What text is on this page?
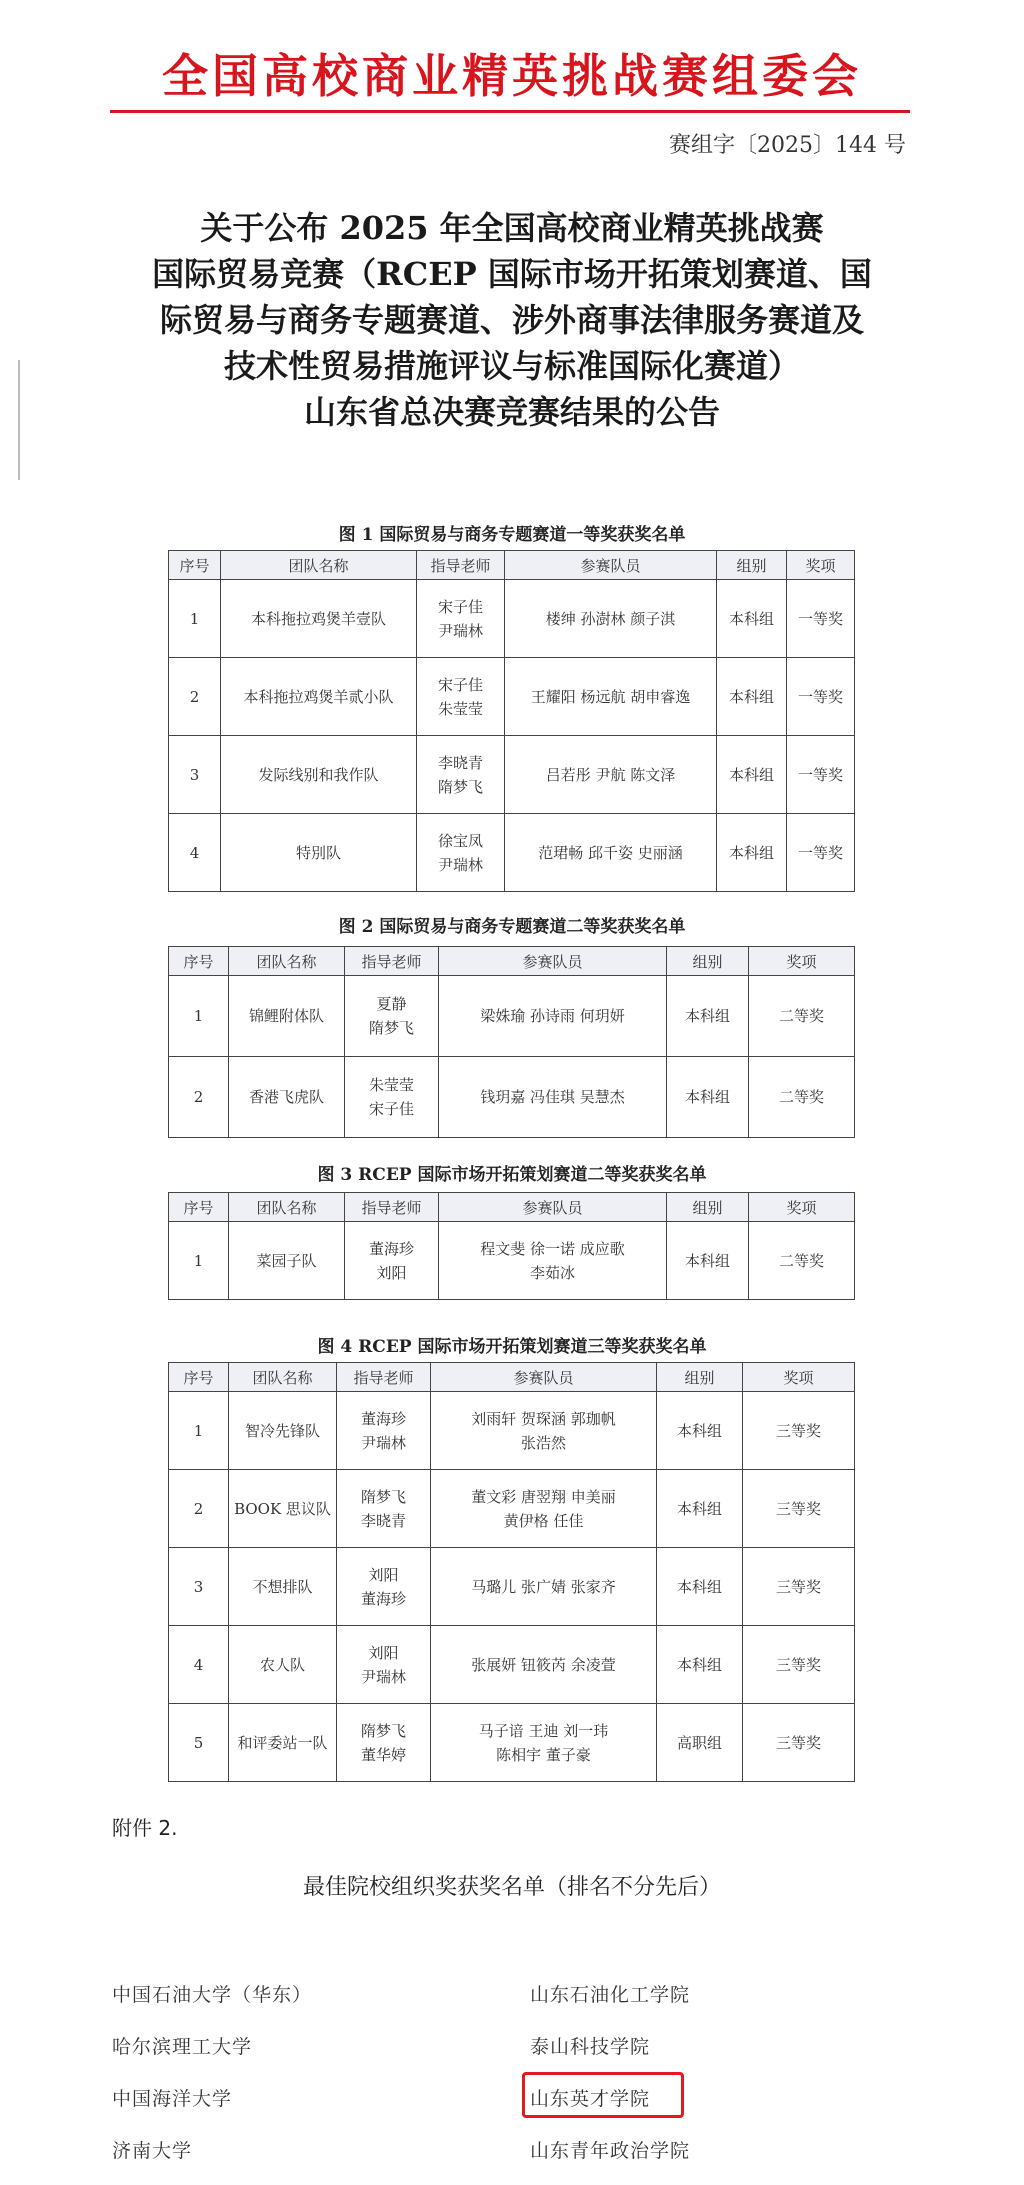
全国高校商业精英挑战赛组委会
赛组字〔2025〕144 号
关于公布 2025 年全国高校商业精英挑战赛
国际贸易竞赛（RCEP 国际市场开拓策划赛道、国
际贸易与商务专题赛道、涉外商事法律服务赛道及
技术性贸易措施评议与标准国际化赛道）
山东省总决赛竞赛结果的公告
图 1 国际贸易与商务专题赛道一等奖获奖名单
序号	团队名称	指导老师	参赛队员	组别	奖项
1	本科拖拉鸡煲羊壹队	宋子佳
尹瑞林	楼绅 孙澍林 颜子淇	本科组	一等奖
2	本科拖拉鸡煲羊贰小队	宋子佳
朱莹莹	王耀阳 杨远航 胡申睿逸	本科组	一等奖
3	发际线别和我作队	李晓青
隋梦飞	吕若彤 尹航 陈文泽	本科组	一等奖
4	特別队	徐宝凤
尹瑞林	范珺畅 邱千姿 史丽涵	本科组	一等奖
图 2 国际贸易与商务专题赛道二等奖获奖名单
序号	团队名称	指导老师	参赛队员	组别	奖项
1	锦鲤附体队	夏静
隋梦飞	梁姝瑜 孙诗雨 何玥妍	本科组	二等奖
2	香港飞虎队	朱莹莹
宋子佳	钱玥嘉 冯佳琪 吴慧杰	本科组	二等奖
图 3 RCEP 国际市场开拓策划赛道二等奖获奖名单
序号	团队名称	指导老师	参赛队员	组别	奖项
1	菜园子队	董海珍
刘阳	程文斐 徐一诺 成应歌
李茹冰	本科组	二等奖
图 4 RCEP 国际市场开拓策划赛道三等奖获奖名单
序号	团队名称	指导老师	参赛队员	组别	奖项
1	智冷先锋队	董海珍
尹瑞林	刘雨轩 贺琛涵 郭珈帆
张浩然	本科组	三等奖
2	BOOK 思议队	隋梦飞
李晓青	董文彩 唐翌翔 申美丽
黄伊格 任佳	本科组	三等奖
3	不想排队	刘阳
董海珍	马璐儿 张广婧 张家齐	本科组	三等奖
4	农人队	刘阳
尹瑞林	张展妍 钮筱芮 余凌萱	本科组	三等奖
5	和评委站一队	隋梦飞
董华婷	马子谙 王迪 刘一玮
陈相宇 董子豪	高职组	三等奖
附件 2.
最佳院校组织奖获奖名单（排名不分先后）
中国石油大学（华东）
哈尔滨理工大学
中国海洋大学
济南大学
山东石油化工学院
泰山科技学院
山东英才学院
山东青年政治学院
